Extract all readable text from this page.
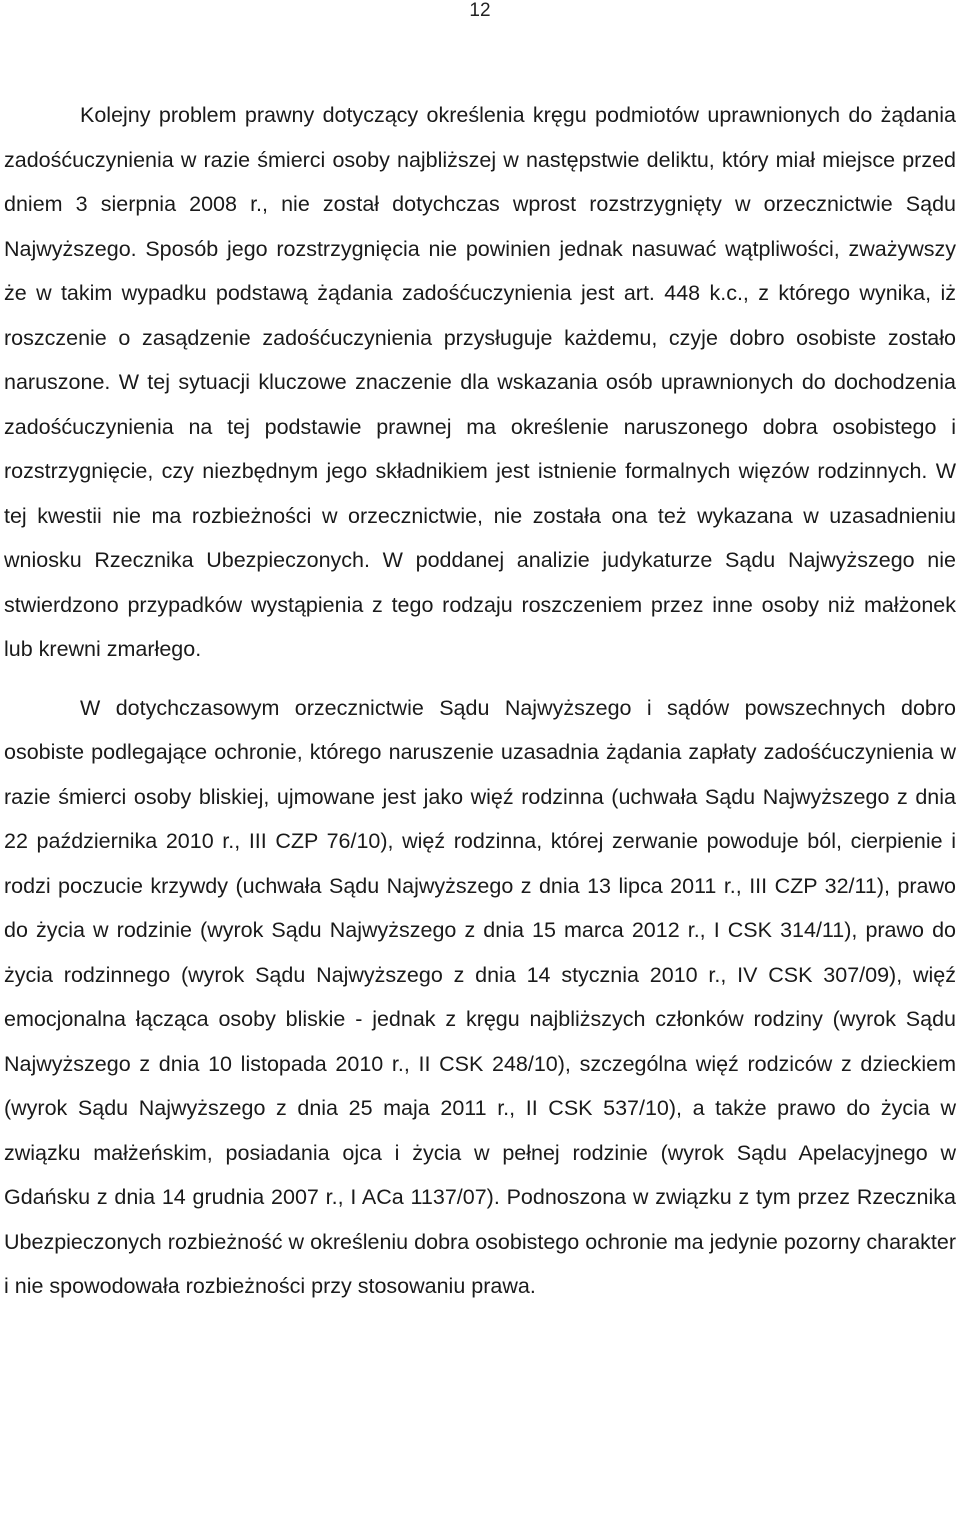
12

Kolejny problem prawny dotyczący określenia kręgu podmiotów uprawnionych do żądania zadośćuczynienia w razie śmierci osoby najbliższej w następstwie deliktu, który miał miejsce przed dniem 3 sierpnia 2008 r., nie został dotychczas wprost rozstrzygnięty w orzecznictwie Sądu Najwyższego. Sposób jego rozstrzygnięcia nie powinien jednak nasuwać wątpliwości, zważywszy że w takim wypadku podstawą żądania zadośćuczynienia jest art. 448 k.c., z którego wynika, iż roszczenie o zasądzenie zadośćuczynienia przysługuje każdemu, czyje dobro osobiste zostało naruszone. W tej sytuacji kluczowe znaczenie dla wskazania osób uprawnionych do dochodzenia zadośćuczynienia na tej podstawie prawnej ma określenie naruszonego dobra osobistego i rozstrzygnięcie, czy niezbędnym jego składnikiem jest istnienie formalnych więzów rodzinnych. W tej kwestii nie ma rozbieżności w orzecznictwie, nie została ona też wykazana w uzasadnieniu wniosku Rzecznika Ubezpieczonych. W poddanej analizie judykaturze Sądu Najwyższego nie stwierdzono przypadków wystąpienia z tego rodzaju roszczeniem przez inne osoby niż małżonek lub krewni zmarłego.

W dotychczasowym orzecznictwie Sądu Najwyższego i sądów powszechnych dobro osobiste podlegające ochronie, którego naruszenie uzasadnia żądania zapłaty zadośćuczynienia w razie śmierci osoby bliskiej, ujmowane jest jako więź rodzinna (uchwała Sądu Najwyższego z dnia 22 października 2010 r., III CZP 76/10), więź rodzinna, której zerwanie powoduje ból, cierpienie i rodzi poczucie krzywdy (uchwała Sądu Najwyższego z dnia 13 lipca 2011 r., III CZP 32/11), prawo do życia w rodzinie (wyrok Sądu Najwyższego z dnia 15 marca 2012 r., I CSK 314/11), prawo do życia rodzinnego (wyrok Sądu Najwyższego z dnia 14 stycznia 2010 r., IV CSK 307/09), więź emocjonalna łącząca osoby bliskie - jednak z kręgu najbliższych członków rodziny (wyrok Sądu Najwyższego z dnia 10 listopada 2010 r., II CSK 248/10), szczególna więź rodziców z dzieckiem (wyrok Sądu Najwyższego z dnia 25 maja 2011 r., II CSK 537/10), a także prawo do życia w związku małżeńskim, posiadania ojca i życia w pełnej rodzinie (wyrok Sądu Apelacyjnego w Gdańsku z dnia 14 grudnia 2007 r., I ACa 1137/07). Podnoszona w związku z tym przez Rzecznika Ubezpieczonych rozbieżność w określeniu dobra osobistego ochronie ma jedynie pozorny charakter i nie spowodowała rozbieżności przy stosowaniu prawa.
